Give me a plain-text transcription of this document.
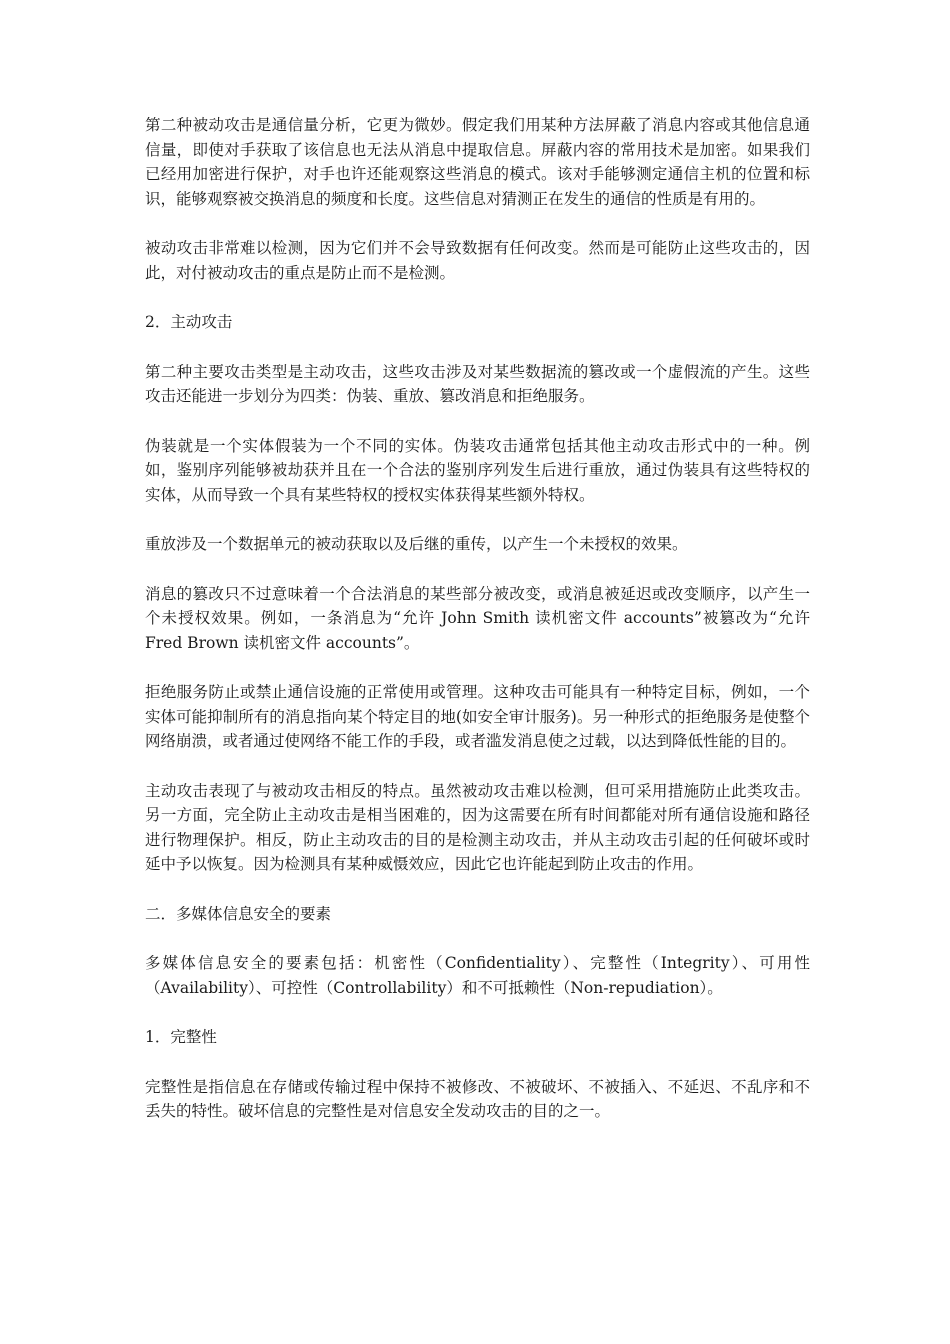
第二种被动攻击是通信量分析，它更为微妙。假定我们用某种方法屏蔽了消息内容或其他信息通信量，即使对手获取了该信息也无法从消息中提取信息。屏蔽内容的常用技术是加密。如果我们已经用加密进行保护，对手也许还能观察这些消息的模式。该对手能够测定通信主机的位置和标识，能够观察被交换消息的频度和长度。这些信息对猜测正在发生的通信的性质是有用的。

被动攻击非常难以检测，因为它们并不会导致数据有任何改变。然而是可能防止这些攻击的，因此，对付被动攻击的重点是防止而不是检测。

2．主动攻击

第二种主要攻击类型是主动攻击，这些攻击涉及对某些数据流的篡改或一个虚假流的产生。这些攻击还能进一步划分为四类：伪装、重放、篡改消息和拒绝服务。

伪装就是一个实体假装为一个不同的实体。伪装攻击通常包括其他主动攻击形式中的一种。例如，鉴别序列能够被劫获并且在一个合法的鉴别序列发生后进行重放，通过伪装具有这些特权的实体，从而导致一个具有某些特权的授权实体获得某些额外特权。

重放涉及一个数据单元的被动获取以及后继的重传，以产生一个未授权的效果。

消息的篡改只不过意味着一个合法消息的某些部分被改变，或消息被延迟或改变顺序，以产生一个未授权效果。例如，一条消息为“允许 John Smith 读机密文件 accounts”被篡改为“允许 Fred Brown 读机密文件 accounts”。

拒绝服务防止或禁止通信设施的正常使用或管理。这种攻击可能具有一种特定目标，例如，一个实体可能抑制所有的消息指向某个特定目的地(如安全审计服务)。另一种形式的拒绝服务是使整个网络崩溃，或者通过使网络不能工作的手段，或者滥发消息使之过载，以达到降低性能的目的。

主动攻击表现了与被动攻击相反的特点。虽然被动攻击难以检测，但可采用措施防止此类攻击。另一方面，完全防止主动攻击是相当困难的，因为这需要在所有时间都能对所有通信设施和路径进行物理保护。相反，防止主动攻击的目的是检测主动攻击，并从主动攻击引起的任何破坏或时延中予以恢复。因为检测具有某种威慑效应，因此它也许能起到防止攻击的作用。

二．多媒体信息安全的要素

多媒体信息安全的要素包括：机密性（Confidentiality）、完整性（Integrity）、可用性（Availability）、可控性（Controllability）和不可抵赖性（Non-repudiation）。

1．完整性

完整性是指信息在存储或传输过程中保持不被修改、不被破坏、不被插入、不延迟、不乱序和不丢失的特性。破坏信息的完整性是对信息安全发动攻击的目的之一。
